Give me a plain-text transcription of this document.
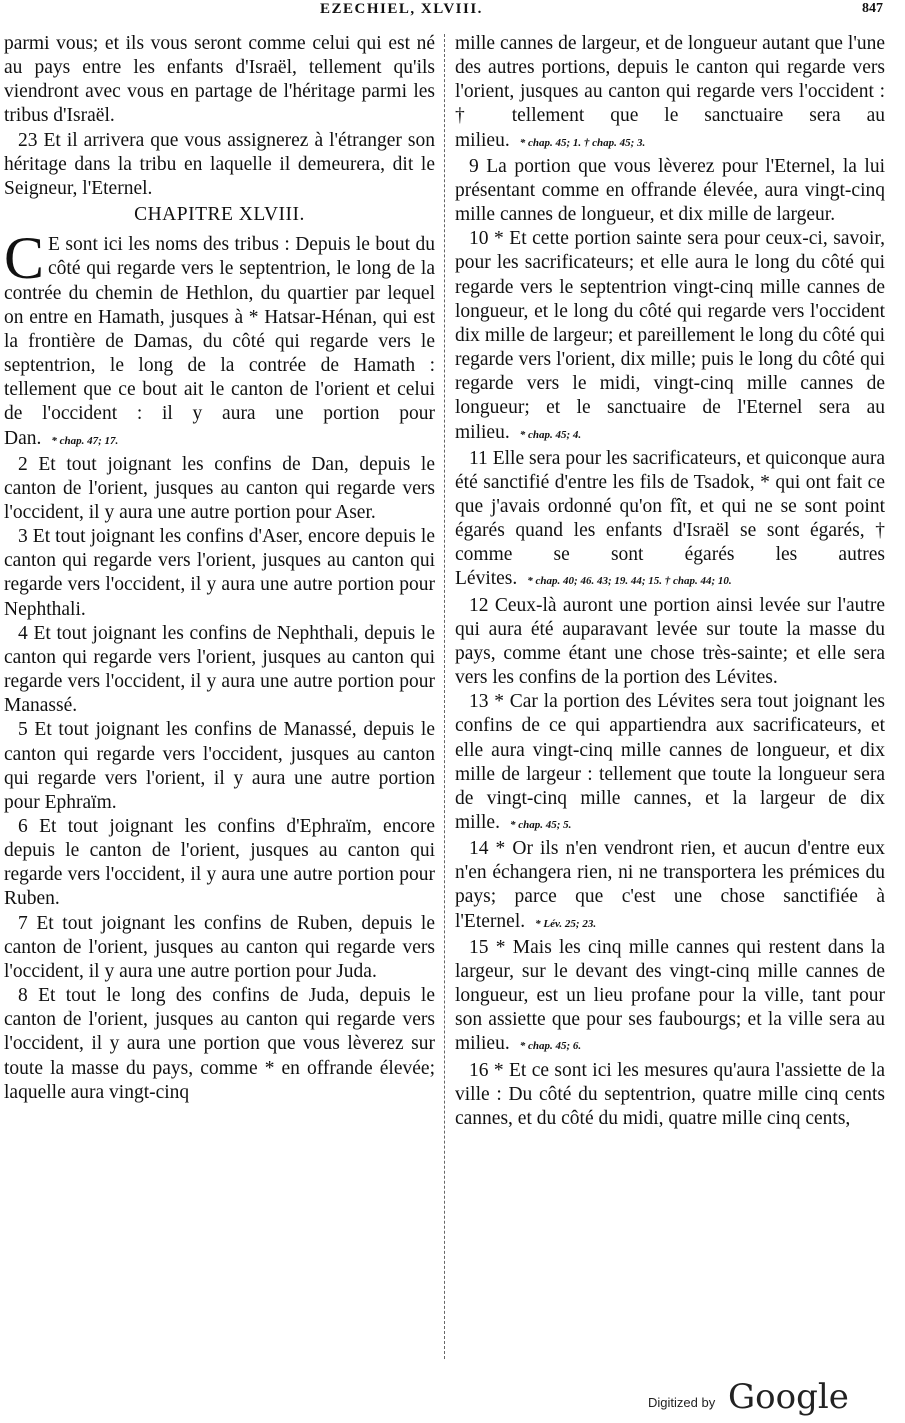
EZECHIEL, XLVIII.	847

parmi vous; et ils vous seront comme celui qui est né au pays entre les enfants d'Israël, tellement qu'ils viendront avec vous en partage de l'héritage parmi les tribus d'Israël.

23 Et il arrivera que vous assignerez à l'étranger son héritage dans la tribu en laquelle il demeurera, dit le Seigneur, l'Eternel.

CHAPITRE XLVIII.

C E sont ici les noms des tribus : Depuis le bout du côté qui regarde vers le septentrion, le long de la contrée du chemin de Hethlon, du quartier par lequel on entre en Hamath, jusques à * Hatsar-Hénan, qui est la frontière de Damas, du côté qui regarde vers le septentrion, le long de la contrée de Hamath : tellement que ce bout ait le canton de l'orient et celui de l'occident : il y aura une portion pour Dan. * chap. 47; 17.

2 Et tout joignant les confins de Dan, depuis le canton de l'orient, jusques au canton qui regarde vers l'occident, il y aura une autre portion pour Aser.

3 Et tout joignant les confins d'Aser, encore depuis le canton qui regarde vers l'orient, jusques au canton qui regarde vers l'occident, il y aura une autre portion pour Nephthali.

4 Et tout joignant les confins de Nephthali, depuis le canton qui regarde vers l'orient, jusques au canton qui regarde vers l'occident, il y aura une autre portion pour Manassé.

5 Et tout joignant les confins de Manassé, depuis le canton qui regarde vers l'occident, jusques au canton qui regarde vers l'orient, il y aura une autre portion pour Ephraïm.

6 Et tout joignant les confins d'Ephraïm, encore depuis le canton de l'orient, jusques au canton qui regarde vers l'occident, il y aura une autre portion pour Ruben.

7 Et tout joignant les confins de Ruben, depuis le canton de l'orient, jusques au canton qui regarde vers l'occident, il y aura une autre portion pour Juda.

8 Et tout le long des confins de Juda, depuis le canton de l'orient, jusques au canton qui regarde vers l'occident, il y aura une portion que vous lèverez sur toute la masse du pays, comme * en offrande élevée; laquelle aura vingt-cinq

mille cannes de largeur, et de longueur autant que l'une des autres portions, depuis le canton qui regarde vers l'orient, jusques au canton qui regarde vers l'occident : † tellement que le sanctuaire sera au milieu. * chap. 45; 1. † chap. 45; 3.

9 La portion que vous lèverez pour l'Eternel, la lui présentant comme en offrande élevée, aura vingt-cinq mille cannes de longueur, et dix mille de largeur.

10 * Et cette portion sainte sera pour ceux-ci, savoir, pour les sacrificateurs; et elle aura le long du côté qui regarde vers le septentrion vingt-cinq mille cannes de longueur, et le long du côté qui regarde vers l'occident dix mille de largeur; et pareillement le long du côté qui regarde vers l'orient, dix mille; puis le long du côté qui regarde vers le midi, vingt-cinq mille cannes de longueur; et le sanctuaire de l'Eternel sera au milieu. * chap. 45; 4.

11 Elle sera pour les sacrificateurs, et quiconque aura été sanctifié d'entre les fils de Tsadok, * qui ont fait ce que j'avais ordonné qu'on fît, et qui ne se sont point égarés quand les enfants d'Israël se sont égarés, † comme se sont égarés les autres Lévites. * chap. 40; 46. 43; 19. 44; 15. † chap. 44; 10.

12 Ceux-là auront une portion ainsi levée sur l'autre qui aura été auparavant levée sur toute la masse du pays, comme étant une chose très-sainte; et elle sera vers les confins de la portion des Lévites.

13 * Car la portion des Lévites sera tout joignant les confins de ce qui appartiendra aux sacrificateurs, et elle aura vingt-cinq mille cannes de longueur, et dix mille de largeur : tellement que toute la longueur sera de vingt-cinq mille cannes, et la largeur de dix mille. * chap. 45; 5.

14 * Or ils n'en vendront rien, et aucun d'entre eux n'en échangera rien, ni ne transportera les prémices du pays; parce que c'est une chose sanctifiée à l'Eternel. * Lév. 25; 23.

15 * Mais les cinq mille cannes qui restent dans la largeur, sur le devant des vingt-cinq mille cannes de longueur, est un lieu profane pour la ville, tant pour son assiette que pour ses faubourgs; et la ville sera au milieu. * chap. 45; 6.

16 * Et ce sont ici les mesures qu'aura l'assiette de la ville : Du côté du septentrion, quatre mille cinq cents cannes, et du côté du midi, quatre mille cinq cents,

Digitized by Google
